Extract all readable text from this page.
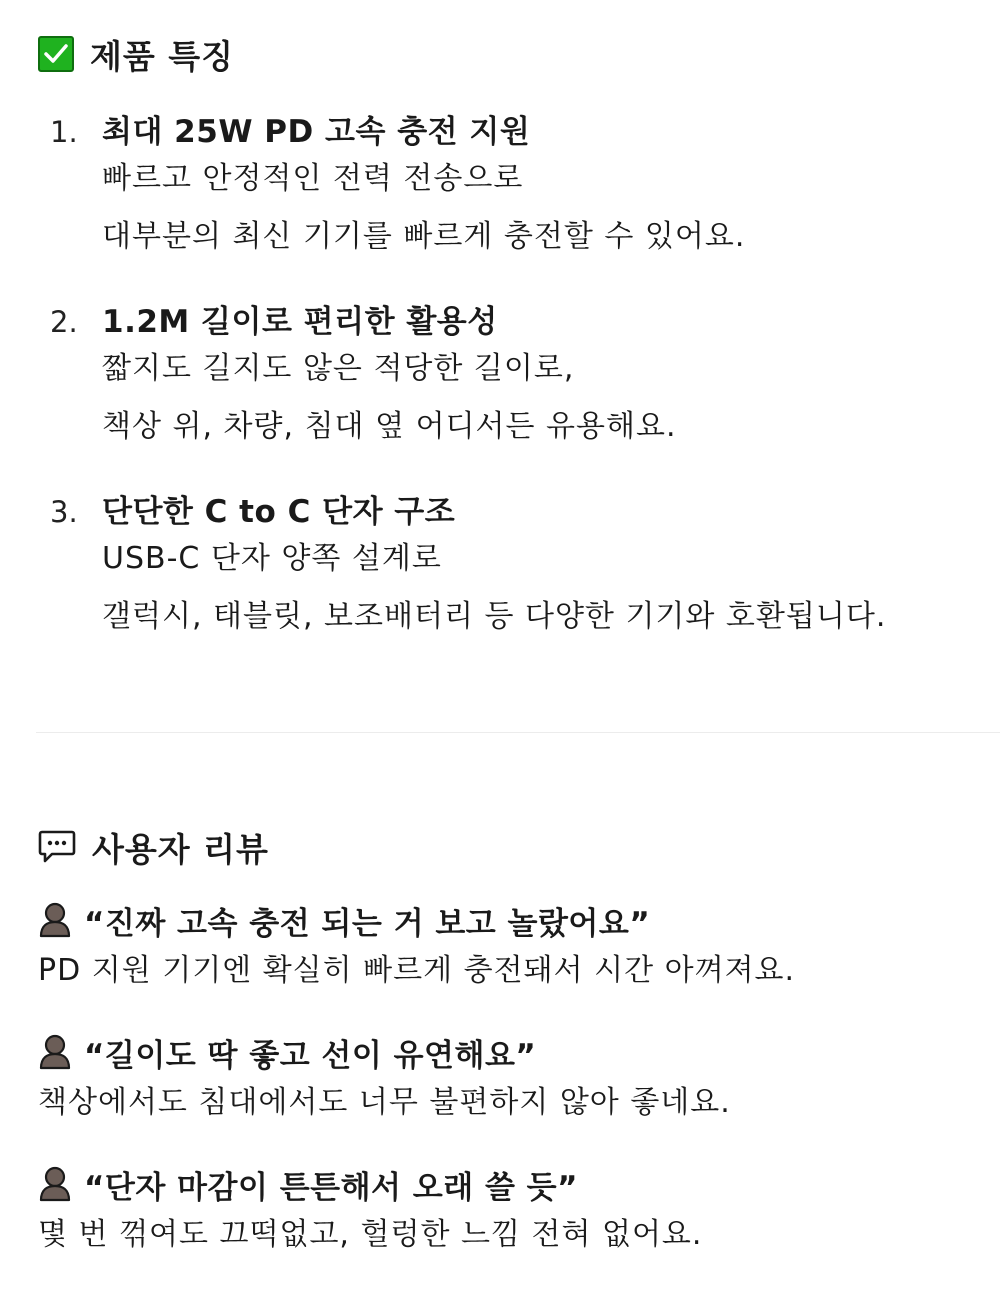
제품 특징
1. 최대 25W PD 고속 충전 지원
빠르고 안정적인 전력 전송으로
대부분의 최신 기기를 빠르게 충전할 수 있어요.
2. 1.2M 길이로 편리한 활용성
짧지도 길지도 않은 적당한 길이로,
책상 위, 차량, 침대 옆 어디서든 유용해요.
3. 단단한 C to C 단자 구조
USB-C 단자 양쪽 설계로
갤럭시, 태블릿, 보조배터리 등 다양한 기기와 호환됩니다.
사용자 리뷰
“진짜 고속 충전 되는 거 보고 놀랐어요”
PD 지원 기기엔 확실히 빠르게 충전돼서 시간 아껴져요.
“길이도 딱 좋고 선이 유연해요”
책상에서도 침대에서도 너무 불편하지 않아 좋네요.
“단자 마감이 튼튼해서 오래 쓸 듯”
몇 번 꺾여도 끄떡없고, 헐렁한 느낌 전혀 없어요.
